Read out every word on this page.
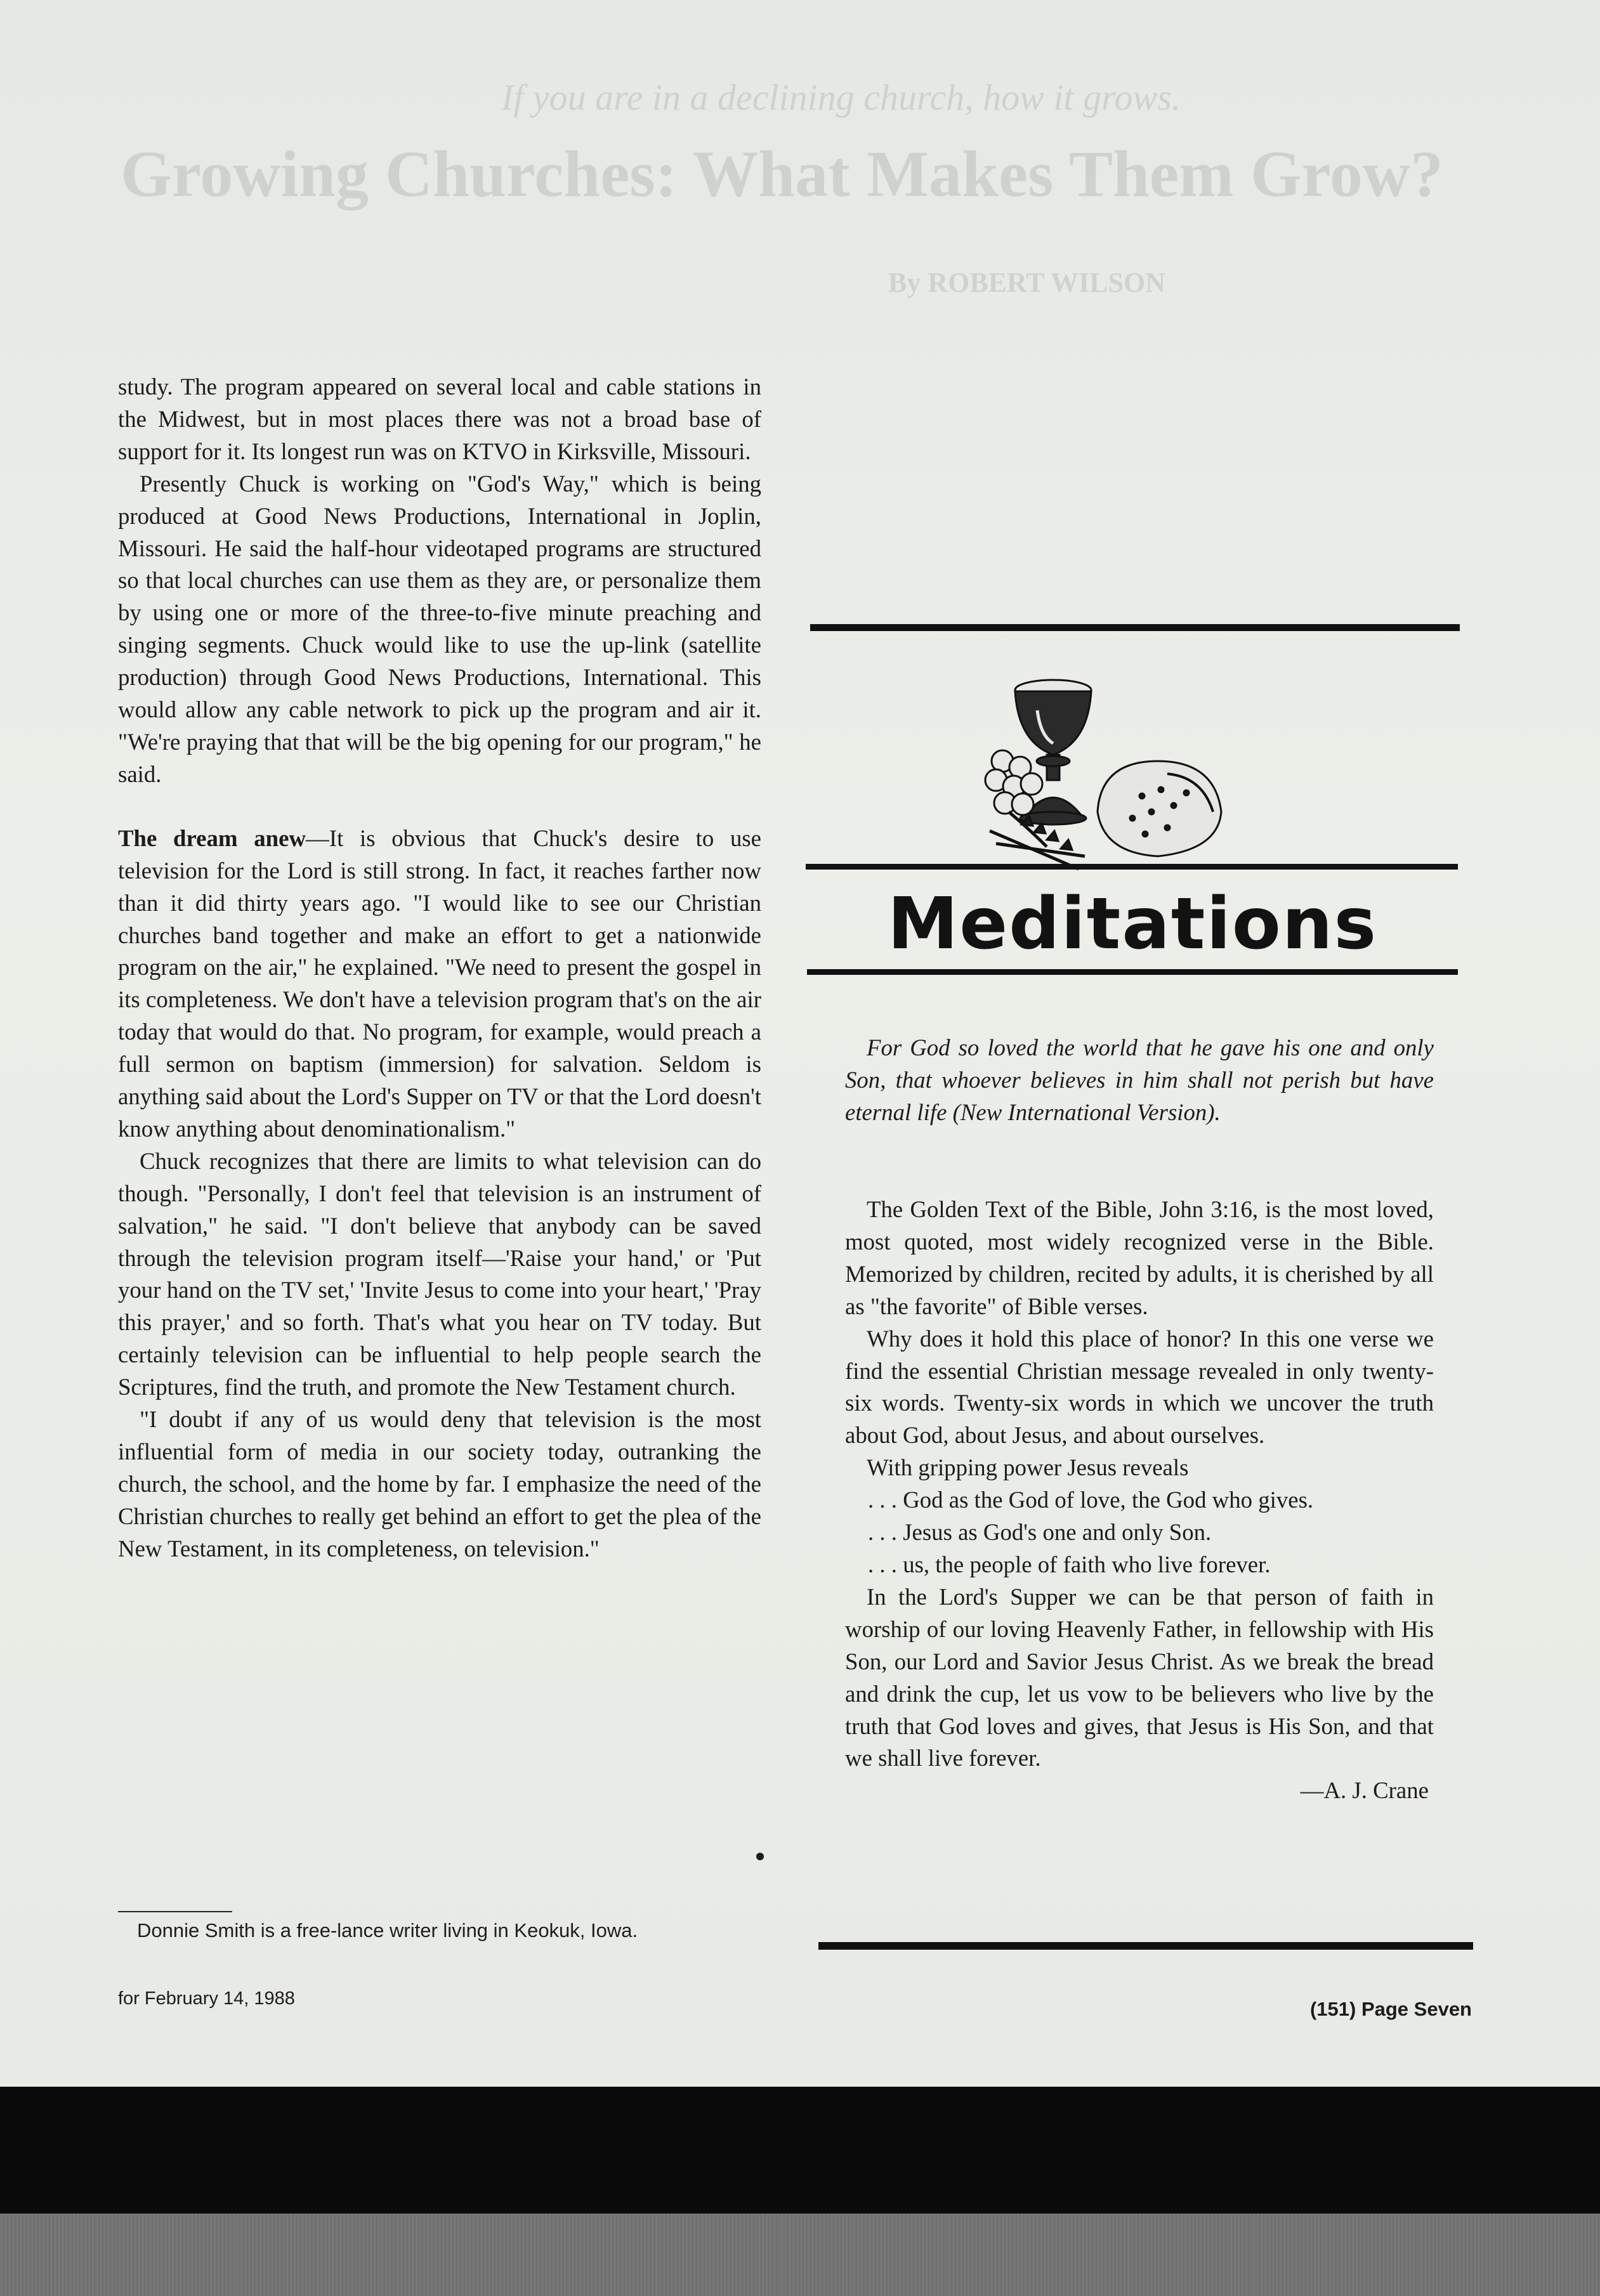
If you are in a declining church, how it grows.
Growing Churches: What Makes Them Grow?
By ROBERT WILSON

study. The program appeared on several local and cable stations in the Midwest, but in most places there was not a broad base of support for it. Its longest run was on KTVO in Kirksville, Missouri.

Presently Chuck is working on "God's Way," which is being produced at Good News Productions, International in Joplin, Missouri. He said the half-hour videotaped programs are structured so that local churches can use them as they are, or personalize them by using one or more of the three-to-five minute preaching and singing segments. Chuck would like to use the up-link (satellite production) through Good News Productions, International. This would allow any cable network to pick up the program and air it. "We're praying that that will be the big opening for our program," he said.

The dream anew—It is obvious that Chuck's desire to use television for the Lord is still strong. In fact, it reaches farther now than it did thirty years ago. "I would like to see our Christian churches band together and make an effort to get a nationwide program on the air," he explained. "We need to present the gospel in its completeness. We don't have a television program that's on the air today that would do that. No program, for example, would preach a full sermon on baptism (immersion) for salvation. Seldom is anything said about the Lord's Supper on TV or that the Lord doesn't know anything about denominationalism."

Chuck recognizes that there are limits to what television can do though. "Personally, I don't feel that television is an instrument of salvation," he said. "I don't believe that anybody can be saved through the television program itself—'Raise your hand,' or 'Put your hand on the TV set,' 'Invite Jesus to come into your heart,' 'Pray this prayer,' and so forth. That's what you hear on TV today. But certainly television can be influential to help people search the Scriptures, find the truth, and promote the New Testament church.

"I doubt if any of us would deny that television is the most influential form of media in our society today, outranking the church, the school, and the home by far. I emphasize the need of the Christian churches to really get behind an effort to get the plea of the New Testament, in its completeness, on television."

Donnie Smith is a free-lance writer living in Keokuk, Iowa.
Meditations

For God so loved the world that he gave his one and only Son, that whoever believes in him shall not perish but have eternal life (New International Version).

The Golden Text of the Bible, John 3:16, is the most loved, most quoted, most widely recognized verse in the Bible. Memorized by children, recited by adults, it is cherished by all as "the favorite" of Bible verses.

Why does it hold this place of honor? In this one verse we find the essential Christian message revealed in only twenty-six words. Twenty-six words in which we uncover the truth about God, about Jesus, and about ourselves.

With gripping power Jesus reveals

. . . God as the God of love, the God who gives.

. . . Jesus as God's one and only Son.

. . . us, the people of faith who live forever.

In the Lord's Supper we can be that person of faith in worship of our loving Heavenly Father, in fellowship with His Son, our Lord and Savior Jesus Christ. As we break the bread and drink the cup, let us vow to be believers who live by the truth that God loves and gives, that Jesus is His Son, and that we shall live forever.

—A. J. Crane

for February 14, 1988	(151) Page Seven
